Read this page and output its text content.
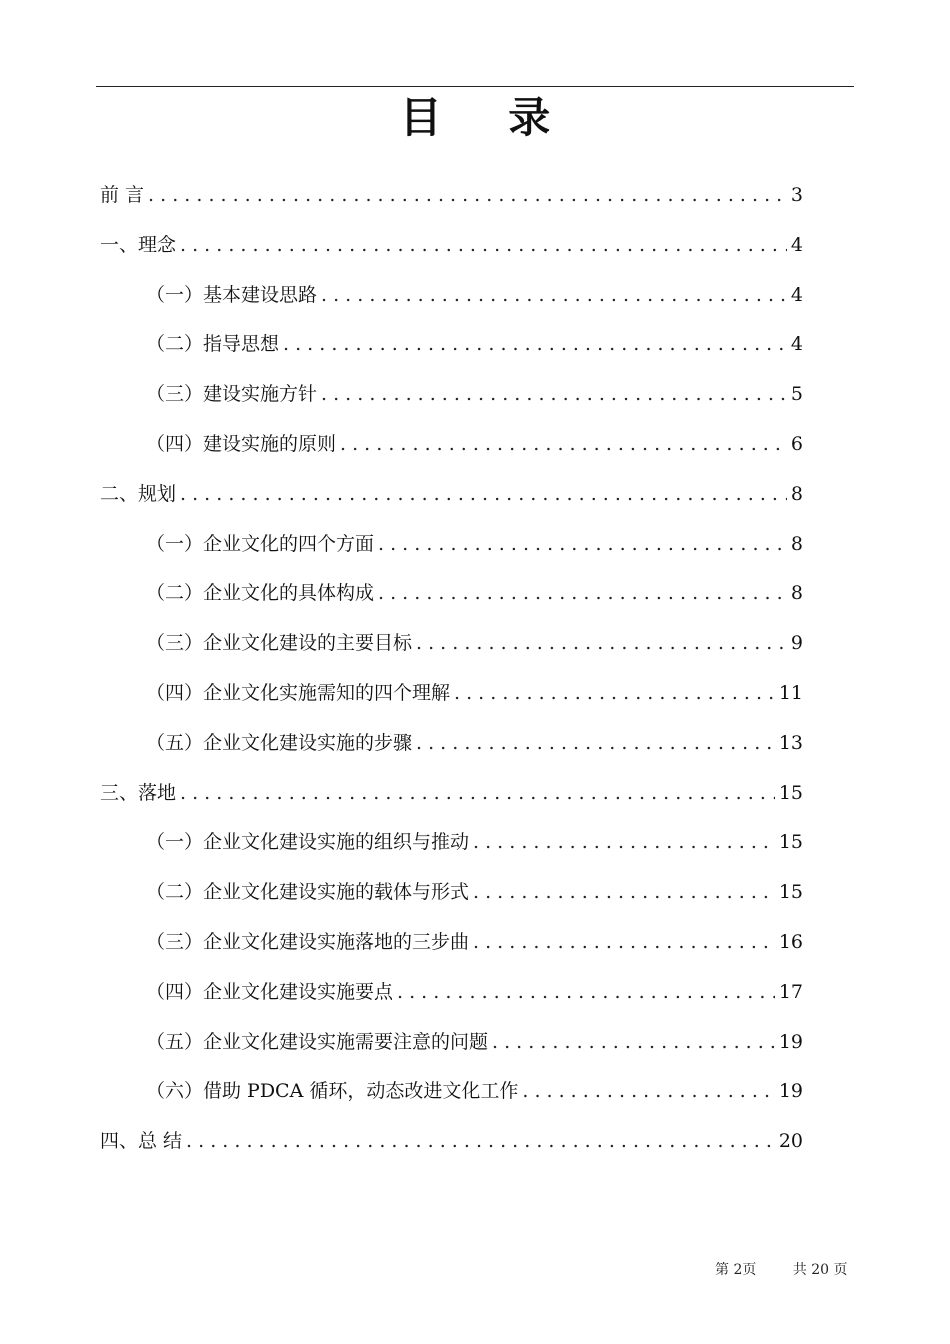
目 录
前 言 . . .	3
一、理念 . . .	4
（一）基本建设思路 . . .	4
（二）指导思想 . . .	4
（三）建设实施方针 . . .	5
（四）建设实施的原则 . . .	6
二、规划 . . .	8
（一）企业文化的四个方面 . . .	8
（二）企业文化的具体构成 . . .	8
（三）企业文化建设的主要目标 . . .	9
（四）企业文化实施需知的四个理解 . . .	11
（五）企业文化建设实施的步骤 . . .	13
三、落地 . . .	15
（一）企业文化建设实施的组织与推动 . . .	15
（二）企业文化建设实施的载体与形式 . . .	15
（三）企业文化建设实施落地的三步曲 . . .	16
（四）企业文化建设实施要点 . . .	17
（五）企业文化建设实施需要注意的问题 . . .	19
（六）借助 PDCA 循环，动态改进文化工作 . . .	19
四、总 结 . . .	20
第 2页	共 20 页
